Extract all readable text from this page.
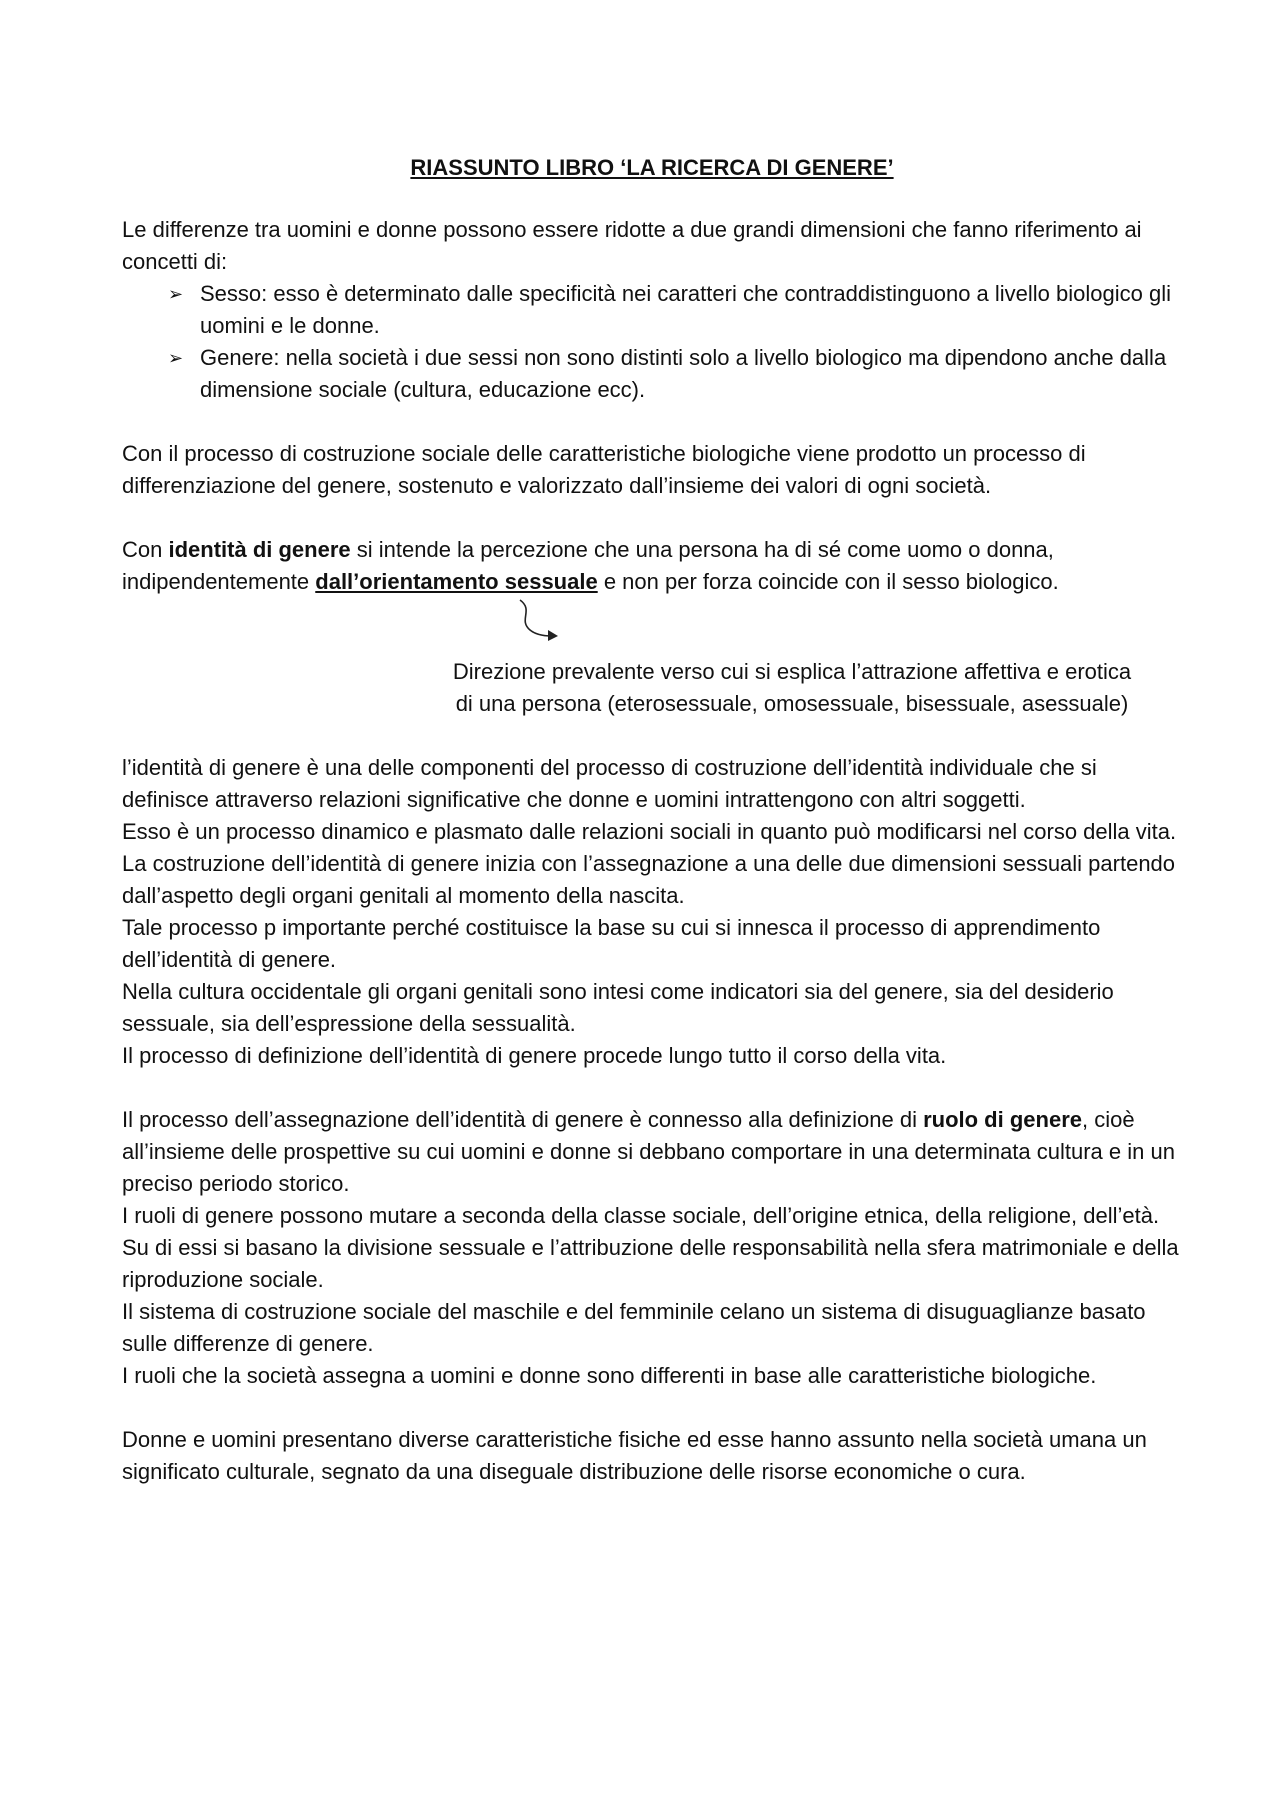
RIASSUNTO LIBRO ‘LA RICERCA DI GENERE’

Le differenze tra uomini e donne possono essere ridotte a due grandi dimensioni che fanno riferimento ai concetti di:

➢ Sesso: esso è determinato dalle specificità nei caratteri che contraddistinguono a livello biologico gli uomini e le donne.
➢ Genere: nella società i due sessi non sono distinti solo a livello biologico ma dipendono anche dalla dimensione sociale (cultura, educazione ecc).

Con il processo di costruzione sociale delle caratteristiche biologiche viene prodotto un processo di differenziazione del genere, sostenuto e valorizzato dall’insieme dei valori di ogni società.

Con identità di genere si intende la percezione che una persona ha di sé come uomo o donna, indipendentemente dall’orientamento sessuale e non per forza coincide con il sesso biologico.

Direzione prevalente verso cui si esplica l’attrazione affettiva e erotica

di una persona (eterosessuale, omosessuale, bisessuale, asessuale)

l’identità di genere è una delle componenti del processo di costruzione dell’identità individuale che si definisce attraverso relazioni significative che donne e uomini intrattengono con altri soggetti.

Esso è un processo dinamico e plasmato dalle relazioni sociali in quanto può modificarsi nel corso della vita.

La costruzione dell’identità di genere inizia con l’assegnazione a una delle due dimensioni sessuali partendo dall’aspetto degli organi genitali al momento della nascita.

Tale processo p importante perché costituisce la base su cui si innesca il processo di apprendimento dell’identità di genere.

Nella cultura occidentale gli organi genitali sono intesi come indicatori sia del genere, sia del desiderio sessuale, sia dell’espressione della sessualità.

Il processo di definizione dell’identità di genere procede lungo tutto il corso della vita.

Il processo dell’assegnazione dell’identità di genere è connesso alla definizione di ruolo di genere, cioè all’insieme delle prospettive su cui uomini e donne si debbano comportare in una determinata cultura e in un preciso periodo storico.

I ruoli di genere possono mutare a seconda della classe sociale, dell’origine etnica, della religione, dell’età.

Su di essi si basano la divisione sessuale e l’attribuzione delle responsabilità nella sfera matrimoniale e della riproduzione sociale.

Il sistema di costruzione sociale del maschile e del femminile celano un sistema di disuguaglianze basato sulle differenze di genere.

I ruoli che la società assegna a uomini e donne sono differenti in base alle caratteristiche biologiche.

Donne e uomini presentano diverse caratteristiche fisiche ed esse hanno assunto nella società umana un significato culturale, segnato da una diseguale distribuzione delle risorse economiche o cura.
